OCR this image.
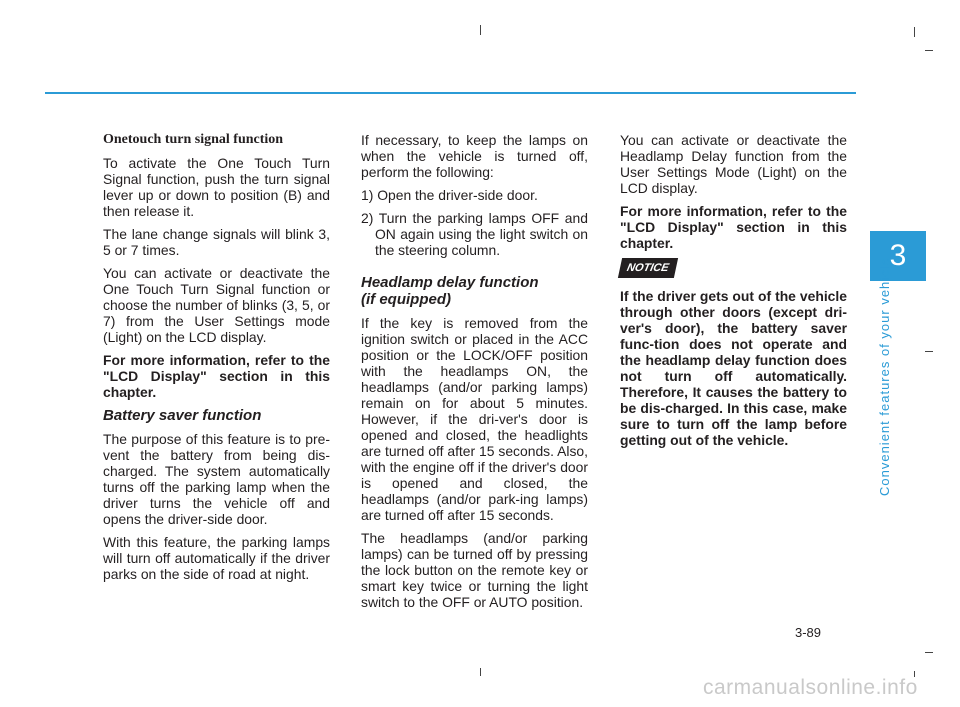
Onetouch turn signal function

To activate the One Touch Turn Signal function, push the turn signal lever up or down to position (B) and then release it.

The lane change signals will blink 3, 5 or 7 times.

You can activate or deactivate the One Touch Turn Signal function or choose the number of blinks (3, 5, or 7) from the User Settings mode (Light) on the LCD display.

For more information, refer to the "LCD Display" section in this chapter.

Battery saver function

The purpose of this feature is to pre-vent the battery from being dis-charged. The system automatically turns off the parking lamp when the driver turns the vehicle off and opens the driver-side door.

With this feature, the parking lamps will turn off automatically if the driver parks on the side of road at night.

If necessary, to keep the lamps on when the vehicle is turned off, perform the following:

1) Open the driver-side door.

2) Turn the parking lamps OFF and ON again using the light switch on the steering column.

Headlamp delay function

(if equipped)

If the key is removed from the ignition switch or placed in the ACC position or the LOCK/OFF position with the headlamps ON, the headlamps (and/or parking lamps) remain on for about 5 minutes. However, if the dri-ver's door is opened and closed, the headlights are turned off after 15 seconds. Also, with the engine off if the driver's door is opened and closed, the headlamps (and/or park-ing lamps) are turned off after 15 seconds.

The headlamps (and/or parking lamps) can be turned off by pressing the lock button on the remote key or smart key twice or turning the light switch to the OFF or AUTO position.

You can activate or deactivate the Headlamp Delay function from the User Settings Mode (Light) on the LCD display.

For more information, refer to the "LCD Display" section in this chapter.

NOTICE

If the driver gets out of the vehicle through other doors (except dri-ver's door), the battery saver func-tion does not operate and the headlamp delay function does not turn off automatically. Therefore, It causes the battery to be dis-charged. In this case, make sure to turn off the lamp before getting out of the vehicle.

3
Convenient features of your vehicle
3-89
carmanualsonline.info
